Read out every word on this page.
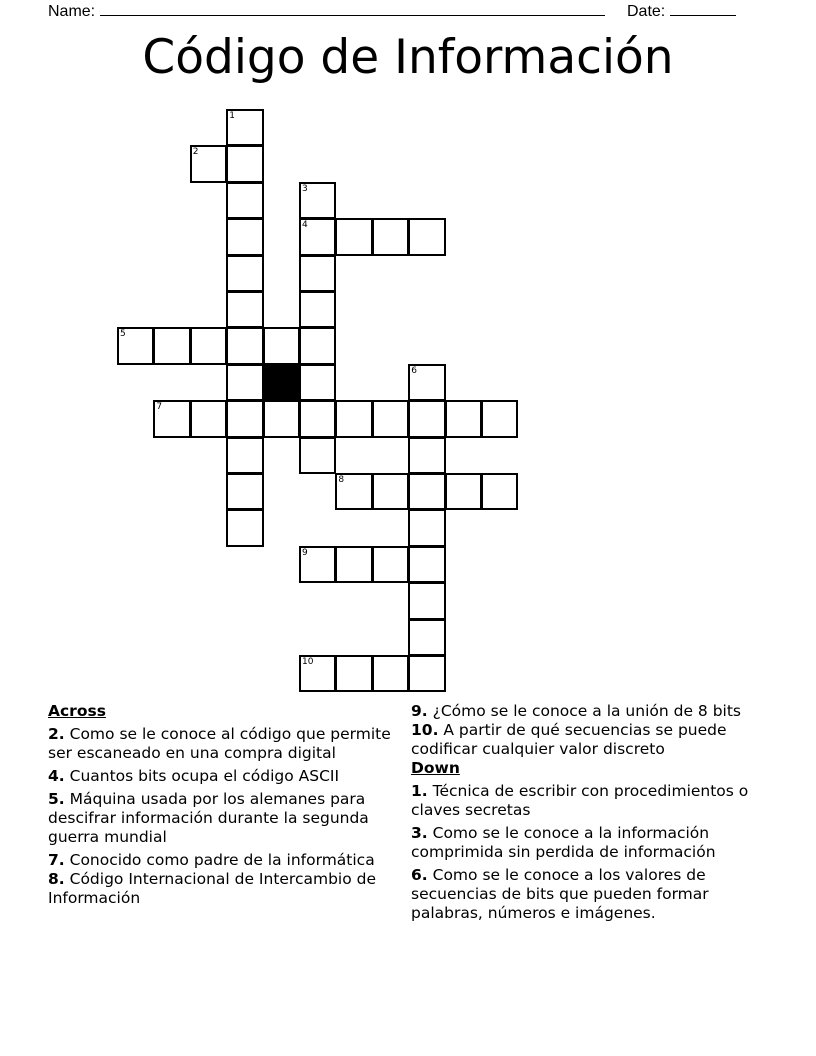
Name:	Date:
Código de Información
1
2
3
4
5
6
7
8
9
10
Across
2. Como se le conoce al código que permite ser escaneado en una compra digital
4. Cuantos bits ocupa el código ASCII
5. Máquina usada por los alemanes para descifrar información durante la segunda guerra mundial
7. Conocido como padre de la informática
8. Código Internacional de Intercambio de Información
9. ¿Cómo se le conoce a la unión de 8 bits
10. A partir de qué secuencias se puede codificar cualquier valor discreto
Down
1. Técnica de escribir con procedimientos o claves secretas
3. Como se le conoce a la información comprimida sin perdida de información
6. Como se le conoce a los valores de secuencias de bits que pueden formar palabras, números e imágenes.
